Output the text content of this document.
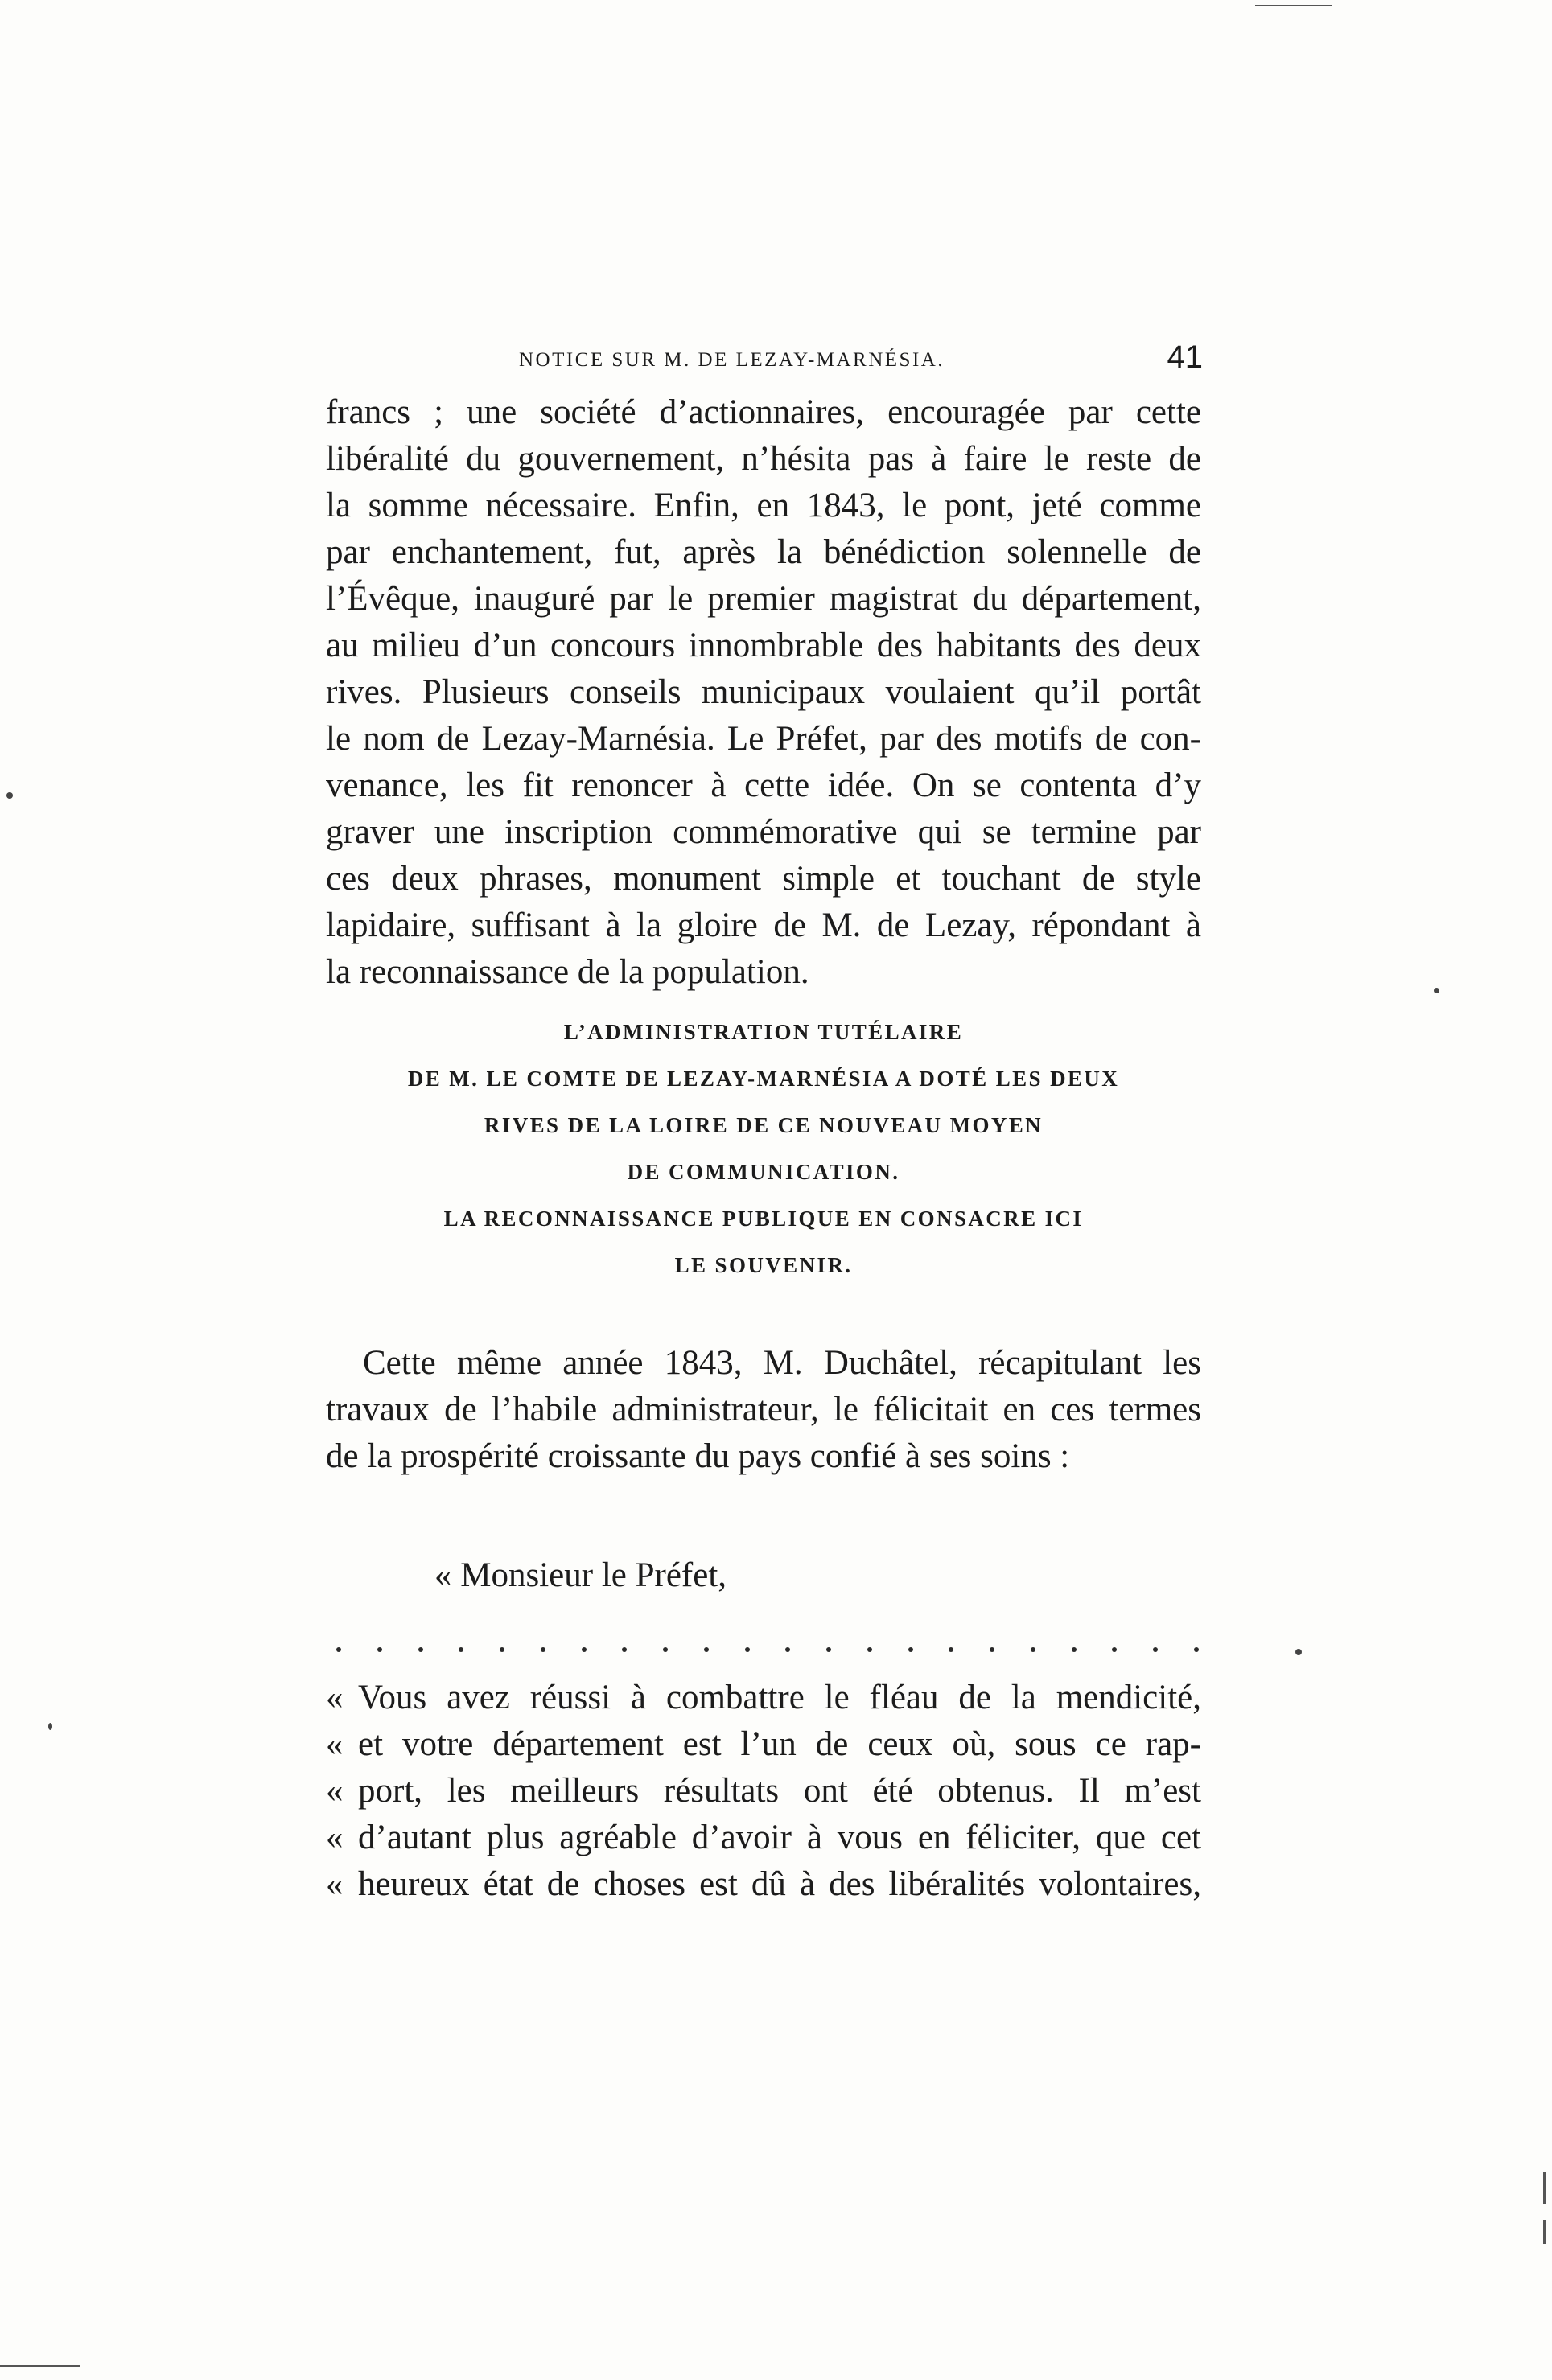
NOTICE SUR M. DE LEZAY-MARNÉSIA.	41
francs ; une société d’actionnaires, encouragée par cette
libéralité du gouvernement, n’hésita pas à faire le reste de
la somme nécessaire. Enfin, en 1843, le pont, jeté comme
par enchantement, fut, après la bénédiction solennelle de
l’Évêque, inauguré par le premier magistrat du département,
au milieu d’un concours innombrable des habitants des deux
rives. Plusieurs conseils municipaux voulaient qu’il portât
le nom de Lezay-Marnésia. Le Préfet, par des motifs de con-
venance, les fit renoncer à cette idée. On se contenta d’y
graver une inscription commémorative qui se termine par
ces deux phrases, monument simple et touchant de style
lapidaire, suffisant à la gloire de M. de Lezay, répondant à
la reconnaissance de la population.
L’ADMINISTRATION TUTÉLAIRE
DE M. LE COMTE DE LEZAY-MARNÉSIA A DOTÉ LES DEUX
RIVES DE LA LOIRE DE CE NOUVEAU MOYEN
DE COMMUNICATION.
LA RECONNAISSANCE PUBLIQUE EN CONSACRE ICI
LE SOUVENIR.
Cette même année 1843, M. Duchâtel, récapitulant les
travaux de l’habile administrateur, le félicitait en ces termes
de la prospérité croissante du pays confié à ses soins :
« Monsieur le Préfet,
« Vous avez réussi à combattre le fléau de la mendicité,
« et votre département est l’un de ceux où, sous ce rap-
« port, les meilleurs résultats ont été obtenus. Il m’est
« d’autant plus agréable d’avoir à vous en féliciter, que cet
« heureux état de choses est dû à des libéralités volontaires,
